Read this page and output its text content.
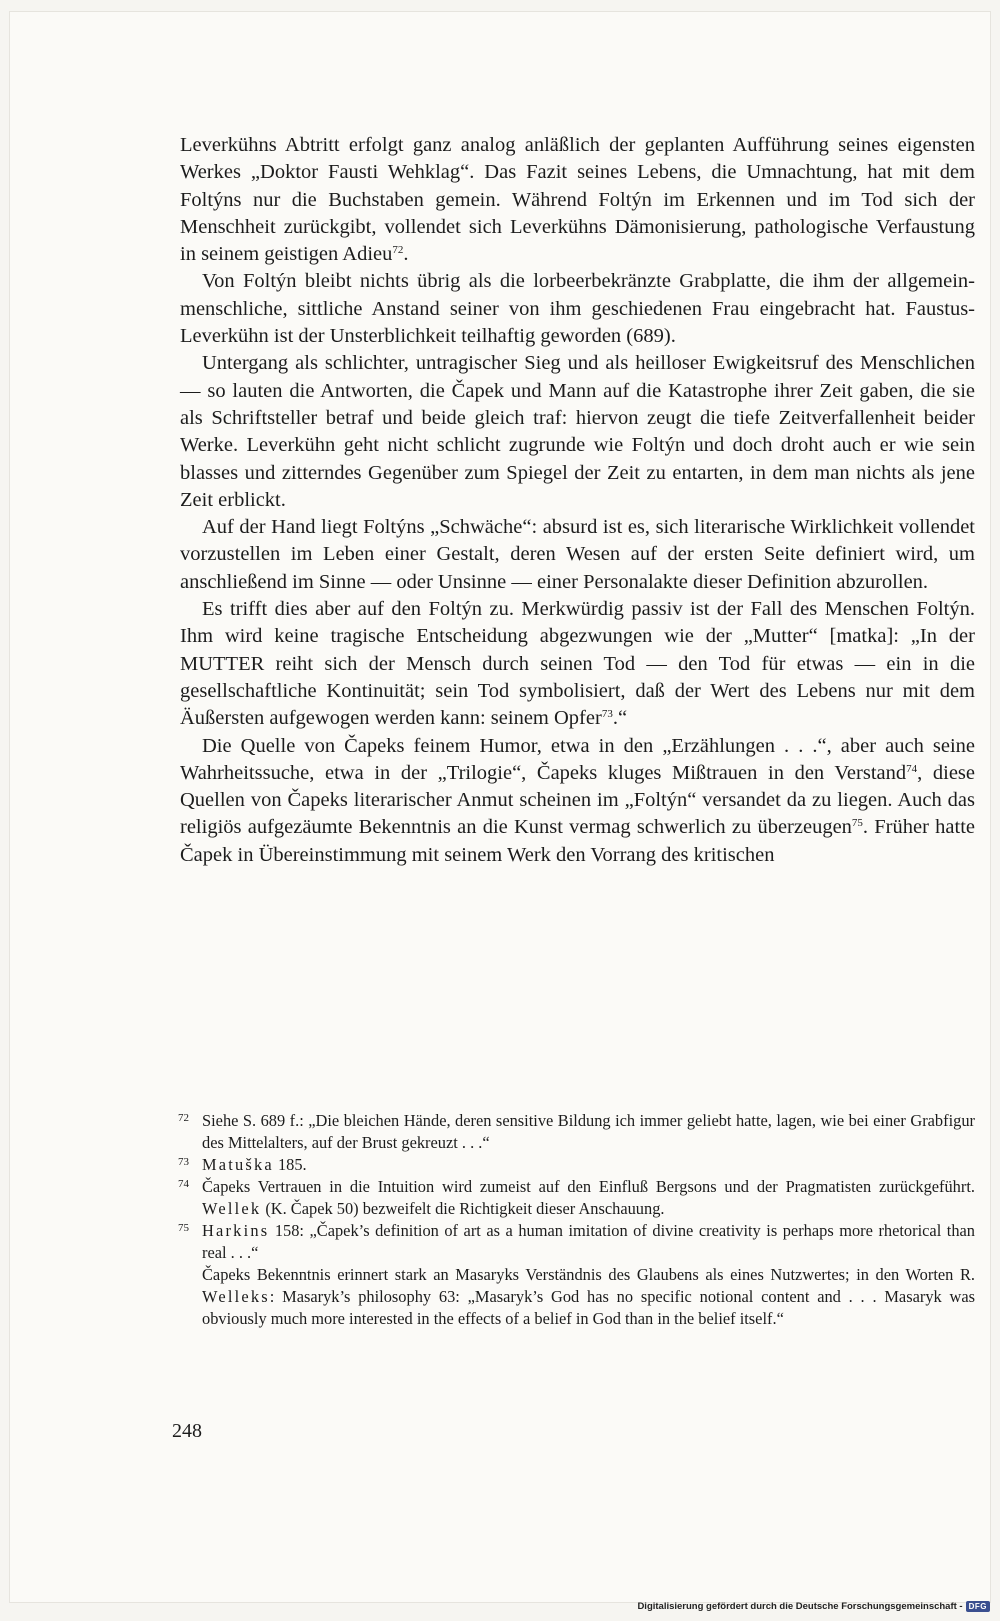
Leverkühns Abtritt erfolgt ganz analog anläßlich der geplanten Aufführung seines eigensten Werkes „Doktor Fausti Wehklag“. Das Fazit seines Lebens, die Umnachtung, hat mit dem Foltýns nur die Buchstaben gemein. Während Foltýn im Erkennen und im Tod sich der Menschheit zurückgibt, vollendet sich Leverkühns Dämonisierung, pathologische Verfaustung in seinem geistigen Adieu$^{72}$.

Von Foltýn bleibt nichts übrig als die lorbeerbekränzte Grabplatte, die ihm der allgemein-menschliche, sittliche Anstand seiner von ihm geschiedenen Frau eingebracht hat. Faustus-Leverkühn ist der Unsterblichkeit teilhaftig geworden (689).

Untergang als schlichter, untragischer Sieg und als heilloser Ewigkeitsruf des Menschlichen — so lauten die Antworten, die Čapek und Mann auf die Katastrophe ihrer Zeit gaben, die sie als Schriftsteller betraf und beide gleich traf: hiervon zeugt die tiefe Zeitverfallenheit beider Werke. Leverkühn geht nicht schlicht zugrunde wie Foltýn und doch droht auch er wie sein blasses und zitterndes Gegenüber zum Spiegel der Zeit zu entarten, in dem man nichts als jene Zeit erblickt.

Auf der Hand liegt Foltýns „Schwäche“: absurd ist es, sich literarische Wirklichkeit vollendet vorzustellen im Leben einer Gestalt, deren Wesen auf der ersten Seite definiert wird, um anschließend im Sinne — oder Unsinne — einer Personalakte dieser Definition abzurollen.

Es trifft dies aber auf den Foltýn zu. Merkwürdig passiv ist der Fall des Menschen Foltýn. Ihm wird keine tragische Entscheidung abgezwungen wie der „Mutter“ [matka]: „In der MUTTER reiht sich der Mensch durch seinen Tod — den Tod für etwas — ein in die gesellschaftliche Kontinuität; sein Tod symbolisiert, daß der Wert des Lebens nur mit dem Äußersten aufgewogen werden kann: seinem Opfer$^{73}$.“

Die Quelle von Čapeks feinem Humor, etwa in den „Erzählungen . . .“, aber auch seine Wahrheitssuche, etwa in der „Trilogie“, Čapeks kluges Mißtrauen in den Verstand$^{74}$, diese Quellen von Čapeks literarischer Anmut scheinen im „Foltýn“ versandet da zu liegen. Auch das religiös aufgezäumte Bekenntnis an die Kunst vermag schwerlich zu überzeugen$^{75}$. Früher hatte Čapek in Übereinstimmung mit seinem Werk den Vorrang des kritischen

72 Siehe S. 689 f.: „Die bleichen Hände, deren sensitive Bildung ich immer geliebt hatte, lagen, wie bei einer Grabfigur des Mittelalters, auf der Brust gekreuzt . . .“

73 Matuška 185.

74 Čapeks Vertrauen in die Intuition wird zumeist auf den Einfluß Bergsons und der Pragmatisten zurückgeführt. Wellek (K. Čapek 50) bezweifelt die Richtigkeit dieser Anschauung.

75 Harkins 158: „Čapek’s definition of art as a human imitation of divine creativity is perhaps more rhetorical than real . . .“

Čapeks Bekenntnis erinnert stark an Masaryks Verständnis des Glaubens als eines Nutzwertes; in den Worten R. Welleks: Masaryk’s philosophy 63: „Masaryk’s God has no specific notional content and . . . Masaryk was obviously much more interested in the effects of a belief in God than in the belief itself.“

248
Digitalisierung gefördert durch die Deutsche Forschungsgemeinschaft - DFG
